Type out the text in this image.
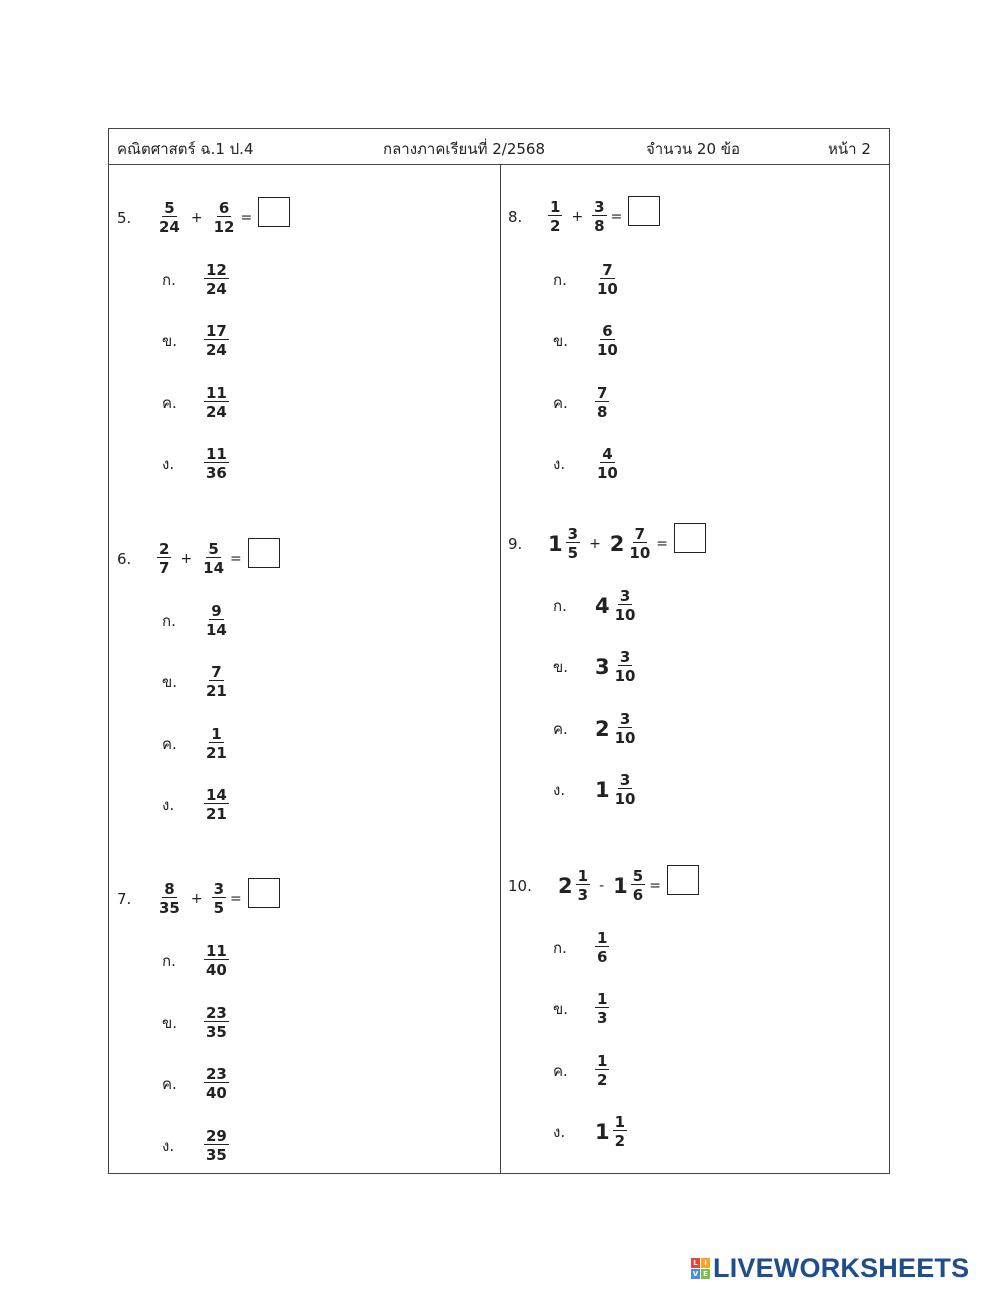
คณิตศาสตร์ ฉ.1 ป.4	กลางภาคเรียนที่ 2/2568	จำนวน 20 ข้อ	หน้า 2
5.	$\frac{5}{24} + \frac{6}{12}$ =
ก.	$\frac{12}{24}$
ข.	$\frac{17}{24}$
ค.	$\frac{11}{24}$
ง.	$\frac{11}{36}$
6.	$\frac{2}{7} + \frac{5}{14}$ =
ก.	$\frac{9}{14}$
ข.	$\frac{7}{21}$
ค.	$\frac{1}{21}$
ง.	$\frac{14}{21}$
7.	$\frac{8}{35} + \frac{3}{5}$ =
ก.	$\frac{11}{40}$
ข.	$\frac{23}{35}$
ค.	$\frac{23}{40}$
ง.	$\frac{29}{35}$
8.	$\frac{1}{2} + \frac{3}{8}$ =
ก.	$\frac{7}{10}$
ข.	$\frac{6}{10}$
ค.	$\frac{7}{8}$
ง.	$\frac{4}{10}$
9.	$1 \frac{3}{5} + 2 \frac{7}{10}$ =
ก.	$4 \frac{3}{10}$
ข.	$3 \frac{3}{10}$
ค.	$2 \frac{3}{10}$
ง.	$1 \frac{3}{10}$
10.	$2 \frac{1}{3} - 1 \frac{5}{6}$ =
ก.	$\frac{1}{6}$
ข.	$\frac{1}{3}$
ค.	$\frac{1}{2}$
ง.	$1 \frac{1}{2}$
L I
V E LIVEWORKSHEETS
